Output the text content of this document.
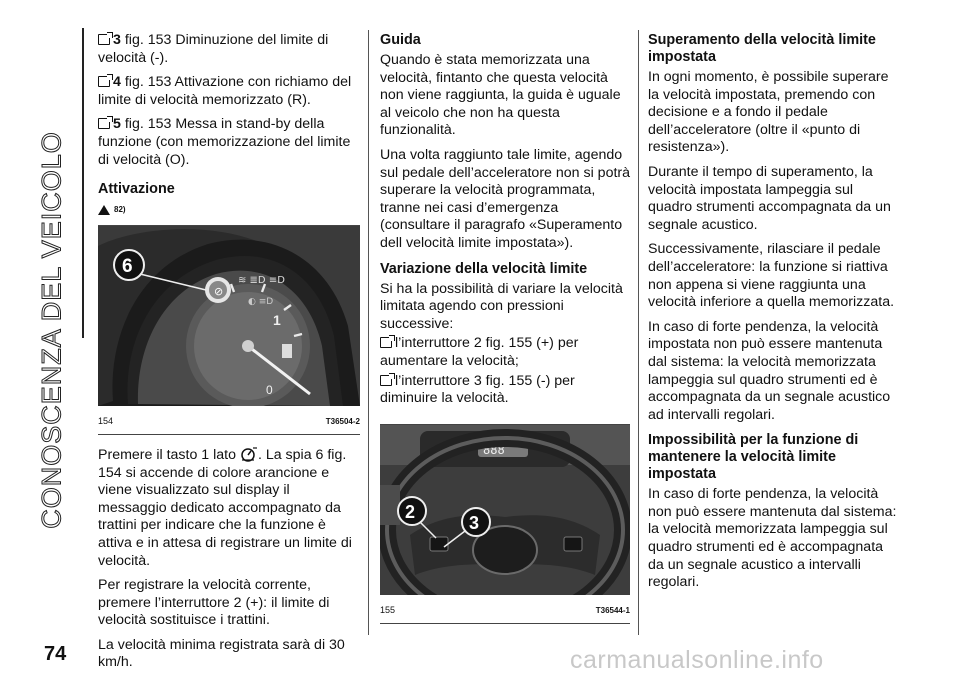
CONOSCENZA DEL VEICOLO

3 fig. 153 Diminuzione del limite di velocità (-).

4 fig. 153 Attivazione con richiamo del limite di velocità memorizzato (R).

5 fig. 153 Messa in stand-by della funzione (con memorizzazione del limite di velocità (O).

Attivazione
82)
⊘
≋ ≣D ≡D
◐ ≡D
1
0
6
154	T36504-2

Premere il tasto 1 lato . La spia 6 fig. 154 si accende di colore arancione e viene visualizzato sul display il messaggio dedicato accompagnato da trattini per indicare che la funzione è attiva e in attesa di registrare un limite di velocità.

Per registrare la velocità corrente, premere l’interruttore 2 (+): il limite di velocità sostituisce i trattini.

La velocità minima registrata sarà di 30 km/h.

Guida

Quando è stata memorizzata una velocità, fintanto che questa velocità non viene raggiunta, la guida è uguale al veicolo che non ha questa funzionalità.

Una volta raggiunto tale limite, agendo sul pedale dell’acceleratore non si potrà superare la velocità programmata, tranne nei casi d’emergenza (consultare il paragrafo «Superamento dell velocità limite impostata»).

Variazione della velocità limite

Si ha la possibilità di variare la velocità limitata agendo con pressioni successive:

l’interruttore 2 fig. 155 (+) per aumentare la velocità;

l’interruttore 3 fig. 155 (-) per diminuire la velocità.

888
2
3
155	T36544-1
Superamento della velocità limite impostata

In ogni momento, è possibile superare la velocità impostata, premendo con decisione e a fondo il pedale dell’acceleratore (oltre il «punto di resistenza»).

Durante il tempo di superamento, la velocità impostata lampeggia sul quadro strumenti accompagnata da un segnale acustico.

Successivamente, rilasciare il pedale dell’acceleratore: la funzione si riattiva non appena si viene raggiunta una velocità inferiore a quella memorizzata.

In caso di forte pendenza, la velocità impostata non può essere mantenuta dal sistema: la velocità memorizzata lampeggia sul quadro strumenti ed è accompagnata da un segnale acustico ad intervalli regolari.

Impossibilità per la funzione di mantenere la velocità limite impostata

In caso di forte pendenza, la velocità non può essere mantenuta dal sistema: la velocità memorizzata lampeggia sul quadro strumenti ed è accompagnata da un segnale acustico a intervalli regolari.

74	carmanualsonline.info
